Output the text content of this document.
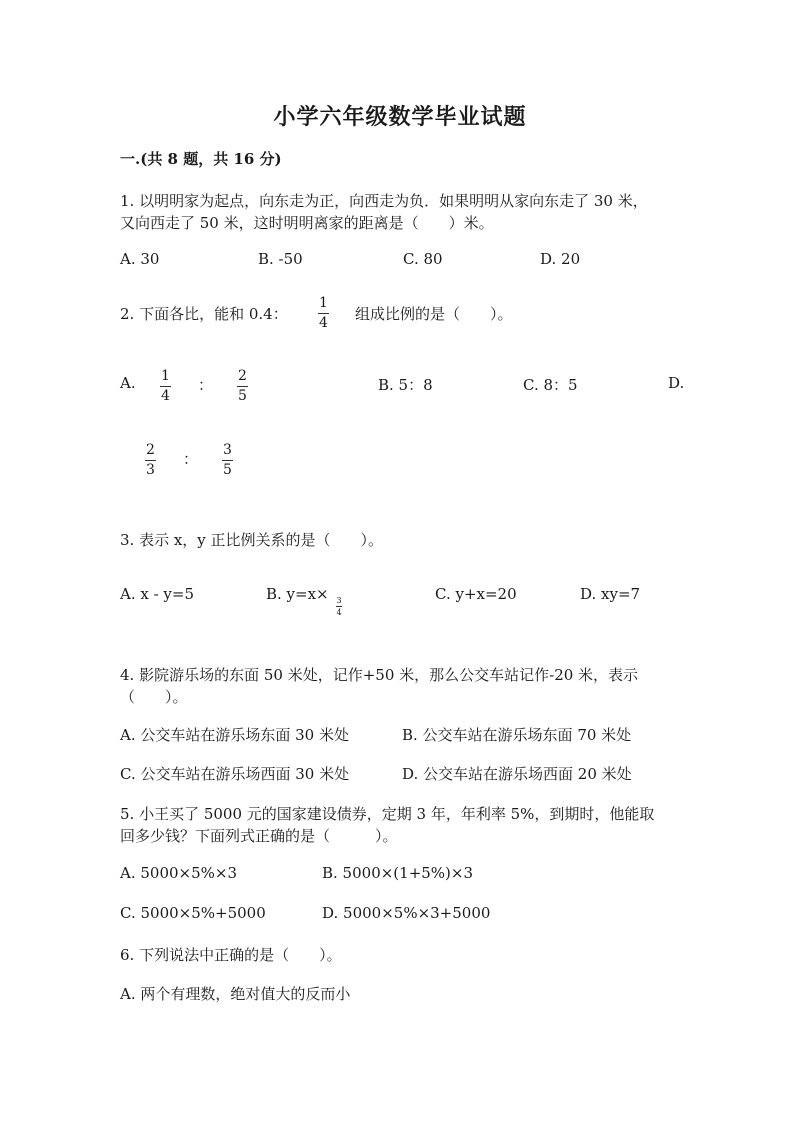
小学六年级数学毕业试题
一.(共 8 题，共 16 分)
1. 以明明家为起点，向东走为正，向西走为负．如果明明从家向东走了 30 米，
又向西走了 50 米，这时明明离家的距离是（　　）米。
A. 30	B. -50	C. 80	D. 20
2. 下面各比，能和 0.4：
1
4 组成比例的是（　　）。
A. 1
4
： 2
5
B. 5：8	C. 8：5	D.
2
3
： 3
5
3. 表示 x，y 正比例关系的是（　　）。
A. x - y=5	B. y=x× 3
4
C. y+x=20	D. xy=7
4. 影院游乐场的东面 50 米处，记作+50 米，那么公交车站记作-20 米，表示
（　　）。
A. 公交车站在游乐场东面 30 米处	B. 公交车站在游乐场东面 70 米处
C. 公交车站在游乐场西面 30 米处	D. 公交车站在游乐场西面 20 米处
5. 小王买了 5000 元的国家建设债券，定期 3 年，年利率 5%，到期时，他能取
回多少钱？下面列式正确的是（　　　）。
A. 5000×5%×3	B. 5000×(1+5%)×3
C. 5000×5%+5000	D. 5000×5%×3+5000
6. 下列说法中正确的是（　　）。
A. 两个有理数，绝对值大的反而小
